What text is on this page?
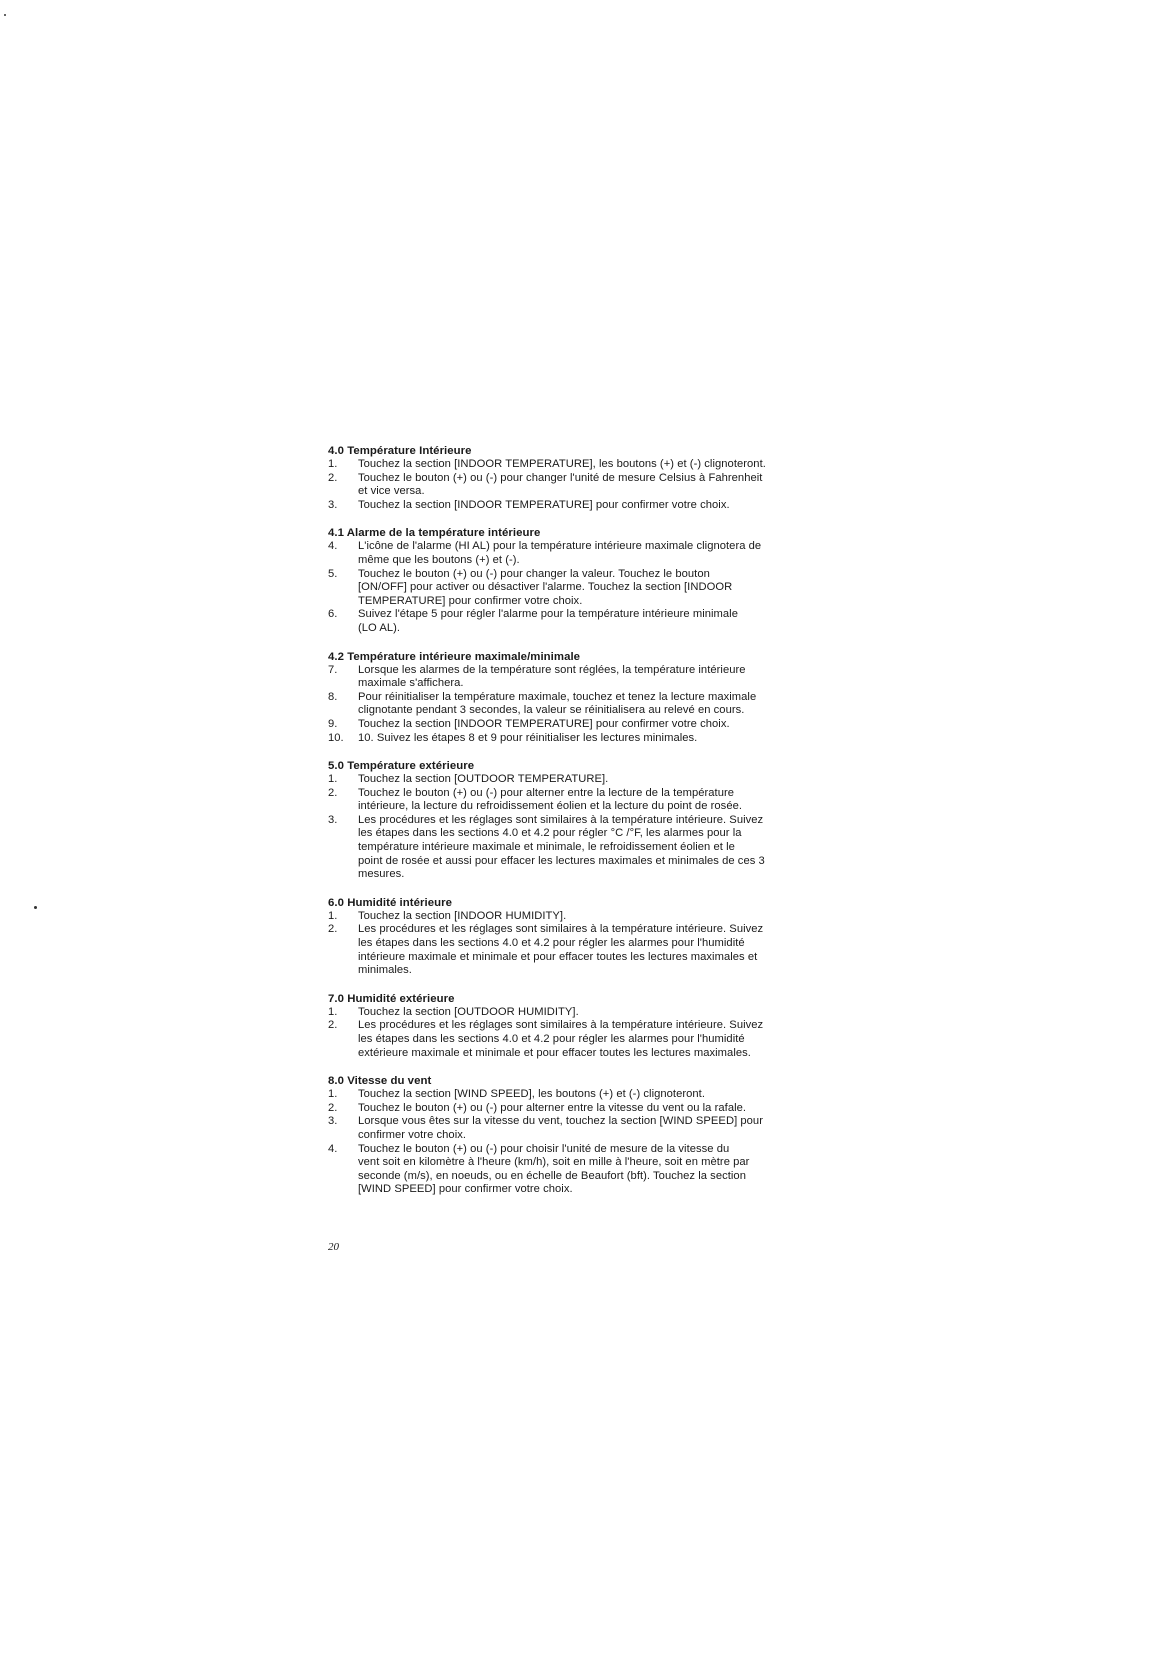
4.0 Température Intérieure
1.	Touchez la section [INDOOR TEMPERATURE], les boutons (+) et (-) clignoteront.
2.	Touchez le bouton (+) ou (-) pour changer l'unité de mesure Celsius à Fahrenheit
et vice versa.
3.	Touchez la section [INDOOR TEMPERATURE] pour confirmer votre choix.
4.1 Alarme de la température intérieure
4.	L'icône de l'alarme (HI AL) pour la température intérieure maximale clignotera de
même que les boutons (+) et (-).
5.	Touchez le bouton (+) ou (-) pour changer la valeur. Touchez le bouton
[ON/OFF] pour activer ou désactiver l'alarme. Touchez la section [INDOOR
TEMPERATURE] pour confirmer votre choix.
6.	Suivez l'étape 5 pour régler l'alarme pour la température intérieure minimale
(LO AL).
4.2 Température intérieure maximale/minimale
7.	Lorsque les alarmes de la température sont réglées, la température intérieure
maximale s'affichera.
8.	Pour réinitialiser la température maximale, touchez et tenez la lecture maximale
clignotante pendant 3 secondes, la valeur se réinitialisera au relevé en cours.
9.	Touchez la section [INDOOR TEMPERATURE] pour confirmer votre choix.
10.	10. Suivez les étapes 8 et 9 pour réinitialiser les lectures minimales.
5.0 Température extérieure
1.	Touchez la section [OUTDOOR TEMPERATURE].
2.	Touchez le bouton (+) ou (-) pour alterner entre la lecture de la température
intérieure, la lecture du refroidissement éolien et la lecture du point de rosée.
3.	Les procédures et les réglages sont similaires à la température intérieure. Suivez
les étapes dans les sections 4.0 et 4.2 pour régler °C /°F, les alarmes pour la
température intérieure maximale et minimale, le refroidissement éolien et le
point de rosée et aussi pour effacer les lectures maximales et minimales de ces 3
mesures.
6.0 Humidité intérieure
1.	Touchez la section [INDOOR HUMIDITY].
2.	Les procédures et les réglages sont similaires à la température intérieure. Suivez
les étapes dans les sections 4.0 et 4.2 pour régler les alarmes pour l'humidité
intérieure maximale et minimale et pour effacer toutes les lectures maximales et
minimales.
7.0 Humidité extérieure
1.	Touchez la section [OUTDOOR HUMIDITY].
2.	Les procédures et les réglages sont similaires à la température intérieure. Suivez
les étapes dans les sections 4.0 et 4.2 pour régler les alarmes pour l'humidité
extérieure maximale et minimale et pour effacer toutes les lectures maximales.
8.0 Vitesse du vent
1.	Touchez la section [WIND SPEED], les boutons (+) et (-) clignoteront.
2.	Touchez le bouton (+) ou (-) pour alterner entre la vitesse du vent ou la rafale.
3.	Lorsque vous êtes sur la vitesse du vent, touchez la section [WIND SPEED] pour
confirmer votre choix.
4.	Touchez le bouton (+) ou (-) pour choisir l'unité de mesure de la vitesse du
vent soit en kilomètre à l'heure (km/h), soit en mille à l'heure, soit en mètre par
seconde (m/s), en noeuds, ou en échelle de Beaufort (bft). Touchez la section
[WIND SPEED] pour confirmer votre choix.
20
